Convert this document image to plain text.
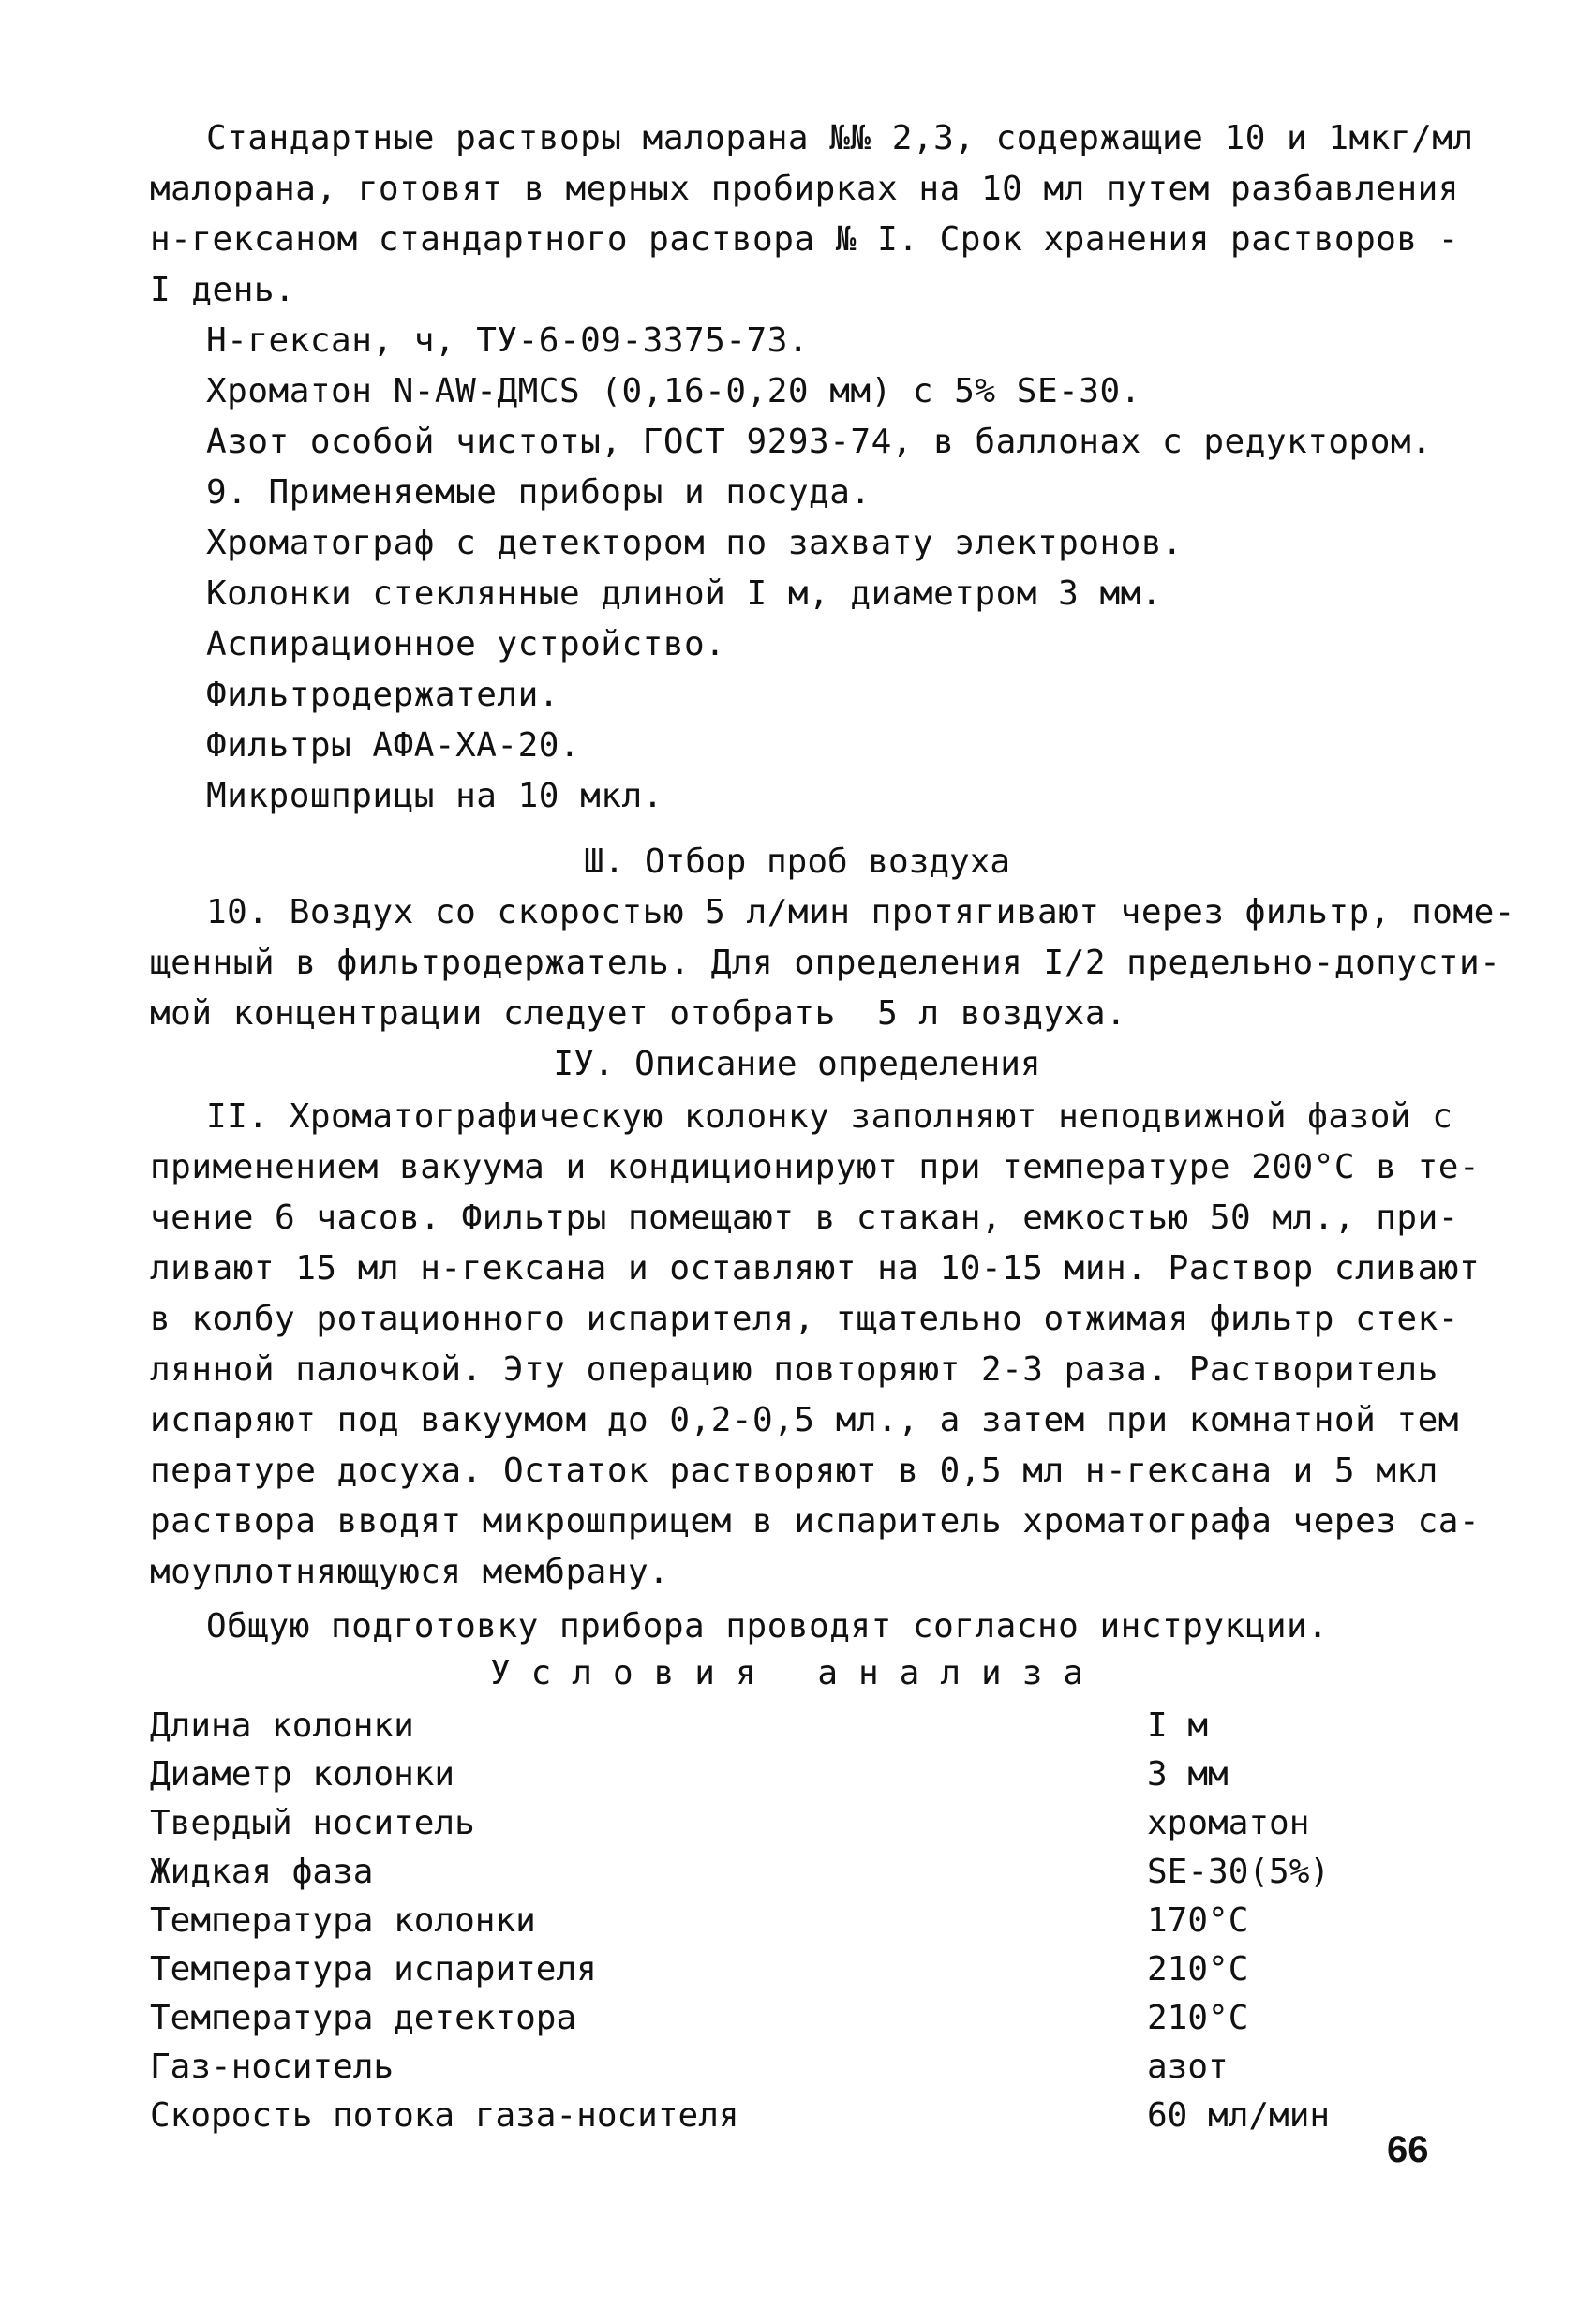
Стандартные растворы малорана №№ 2,3, содержащие 10 и 1мкг/мл
малорана, готовят в мерных пробирках на 10 мл путем разбавления
н-гексаном стандартного раствора № I. Срок хранения растворов -
I день.
Н-гексан, ч, ТУ-6-09-3375-73.
Хроматон N-AW-ДМСS (0,16-0,20 мм) с 5% SE-30.
Азот особой чистоты, ГОСТ 9293-74, в баллонах с редуктором.
9. Применяемые приборы и посуда.
Хроматограф с детектором по захвату электронов.
Колонки стеклянные длиной I м, диаметром 3 мм.
Аспирационное устройство.
Фильтродержатели.
Фильтры АФА-ХА-20.
Микрошприцы на 10 мкл.
Ш. Отбор проб воздуха
10. Воздух со скоростью 5 л/мин протягивают через фильтр, поме-
щенный в фильтродержатель. Для определения I/2 предельно-допусти-
мой концентрации следует отобрать  5 л воздуха.
IУ. Описание определения
II. Хроматографическую колонку заполняют неподвижной фазой с
применением вакуума и кондиционируют при температуре 200°С в те-
чение 6 часов. Фильтры помещают в стакан, емкостью 50 мл., при-
ливают 15 мл н-гексана и оставляют на 10-15 мин. Раствор сливают
в колбу ротационного испарителя, тщательно отжимая фильтр стек-
лянной палочкой. Эту операцию повторяют 2-3 раза. Растворитель
испаряют под вакуумом до 0,2-0,5 мл., а затем при комнатной тем
пературе досуха. Остаток растворяют в 0,5 мл н-гексана и 5 мкл
раствора вводят микрошприцем в испаритель хроматографа через са-
моуплотняющуюся мембрану.
Общую подготовку прибора проводят согласно инструкции.
Условия анализа
Длина колонки	I м
Диаметр колонки	3 мм
Твердый носитель	хроматон
Жидкая фаза	SE-30(5%)
Температура колонки	170°С
Температура испарителя	210°С
Температура детектора	210°С
Газ-носитель	азот
Скорость потока газа-носителя	60 мл/мин
66
